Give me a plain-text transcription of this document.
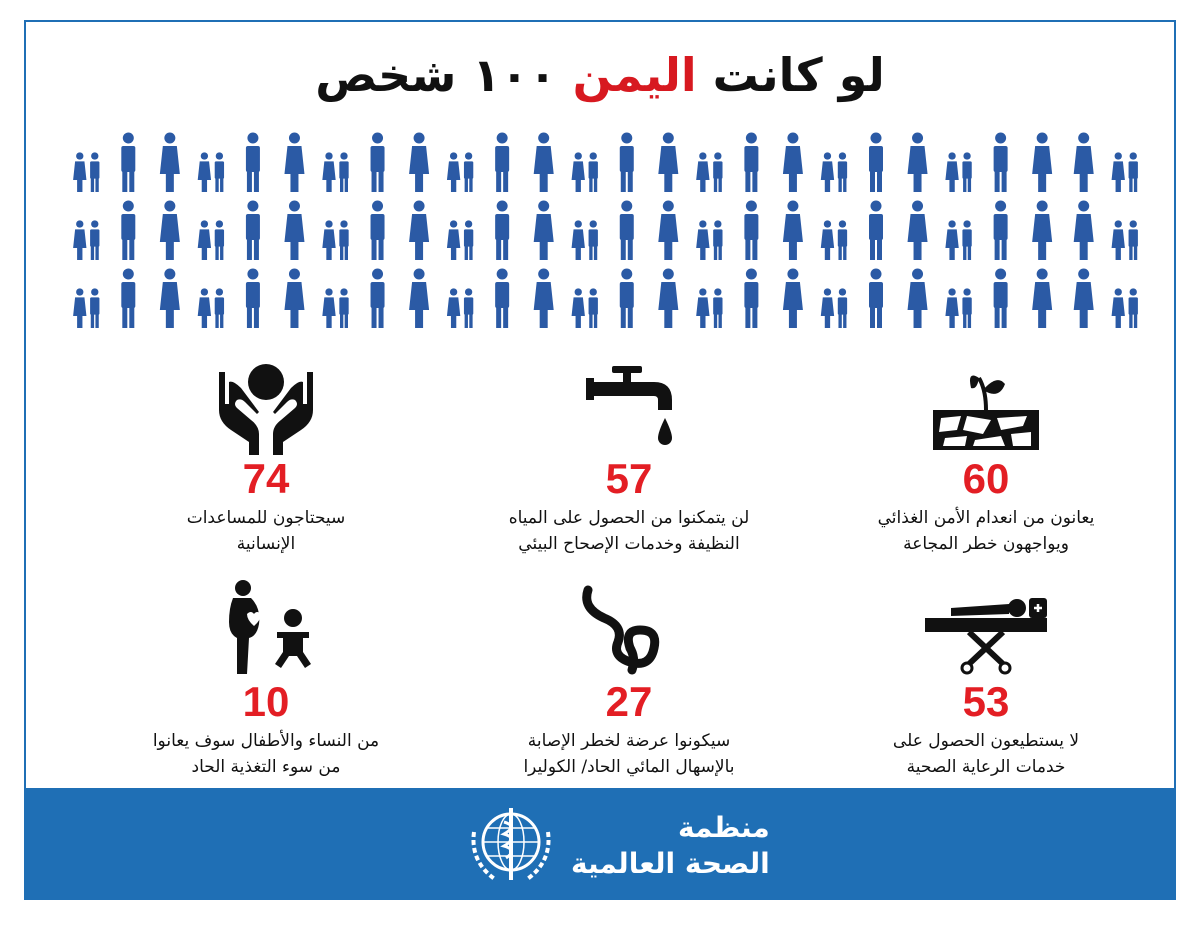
لو كانت اليمن ١٠٠ شخص
74
سيحتاجون للمساعدات
الإنسانية
57
لن يتمكنوا من الحصول على المياه
النظيفة وخدمات الإصحاح البيئي
60
يعانون من انعدام الأمن الغذائي
ويواجهون خطر المجاعة
10
من النساء والأطفال سوف يعانوا
من سوء التغذية الحاد
27
سيكونوا عرضة لخطر الإصابة
بالإسهال المائي الحاد/ الكوليرا
53
لا يستطيعون الحصول على
خدمات الرعاية الصحية
منظمة
الصحة العالمية
